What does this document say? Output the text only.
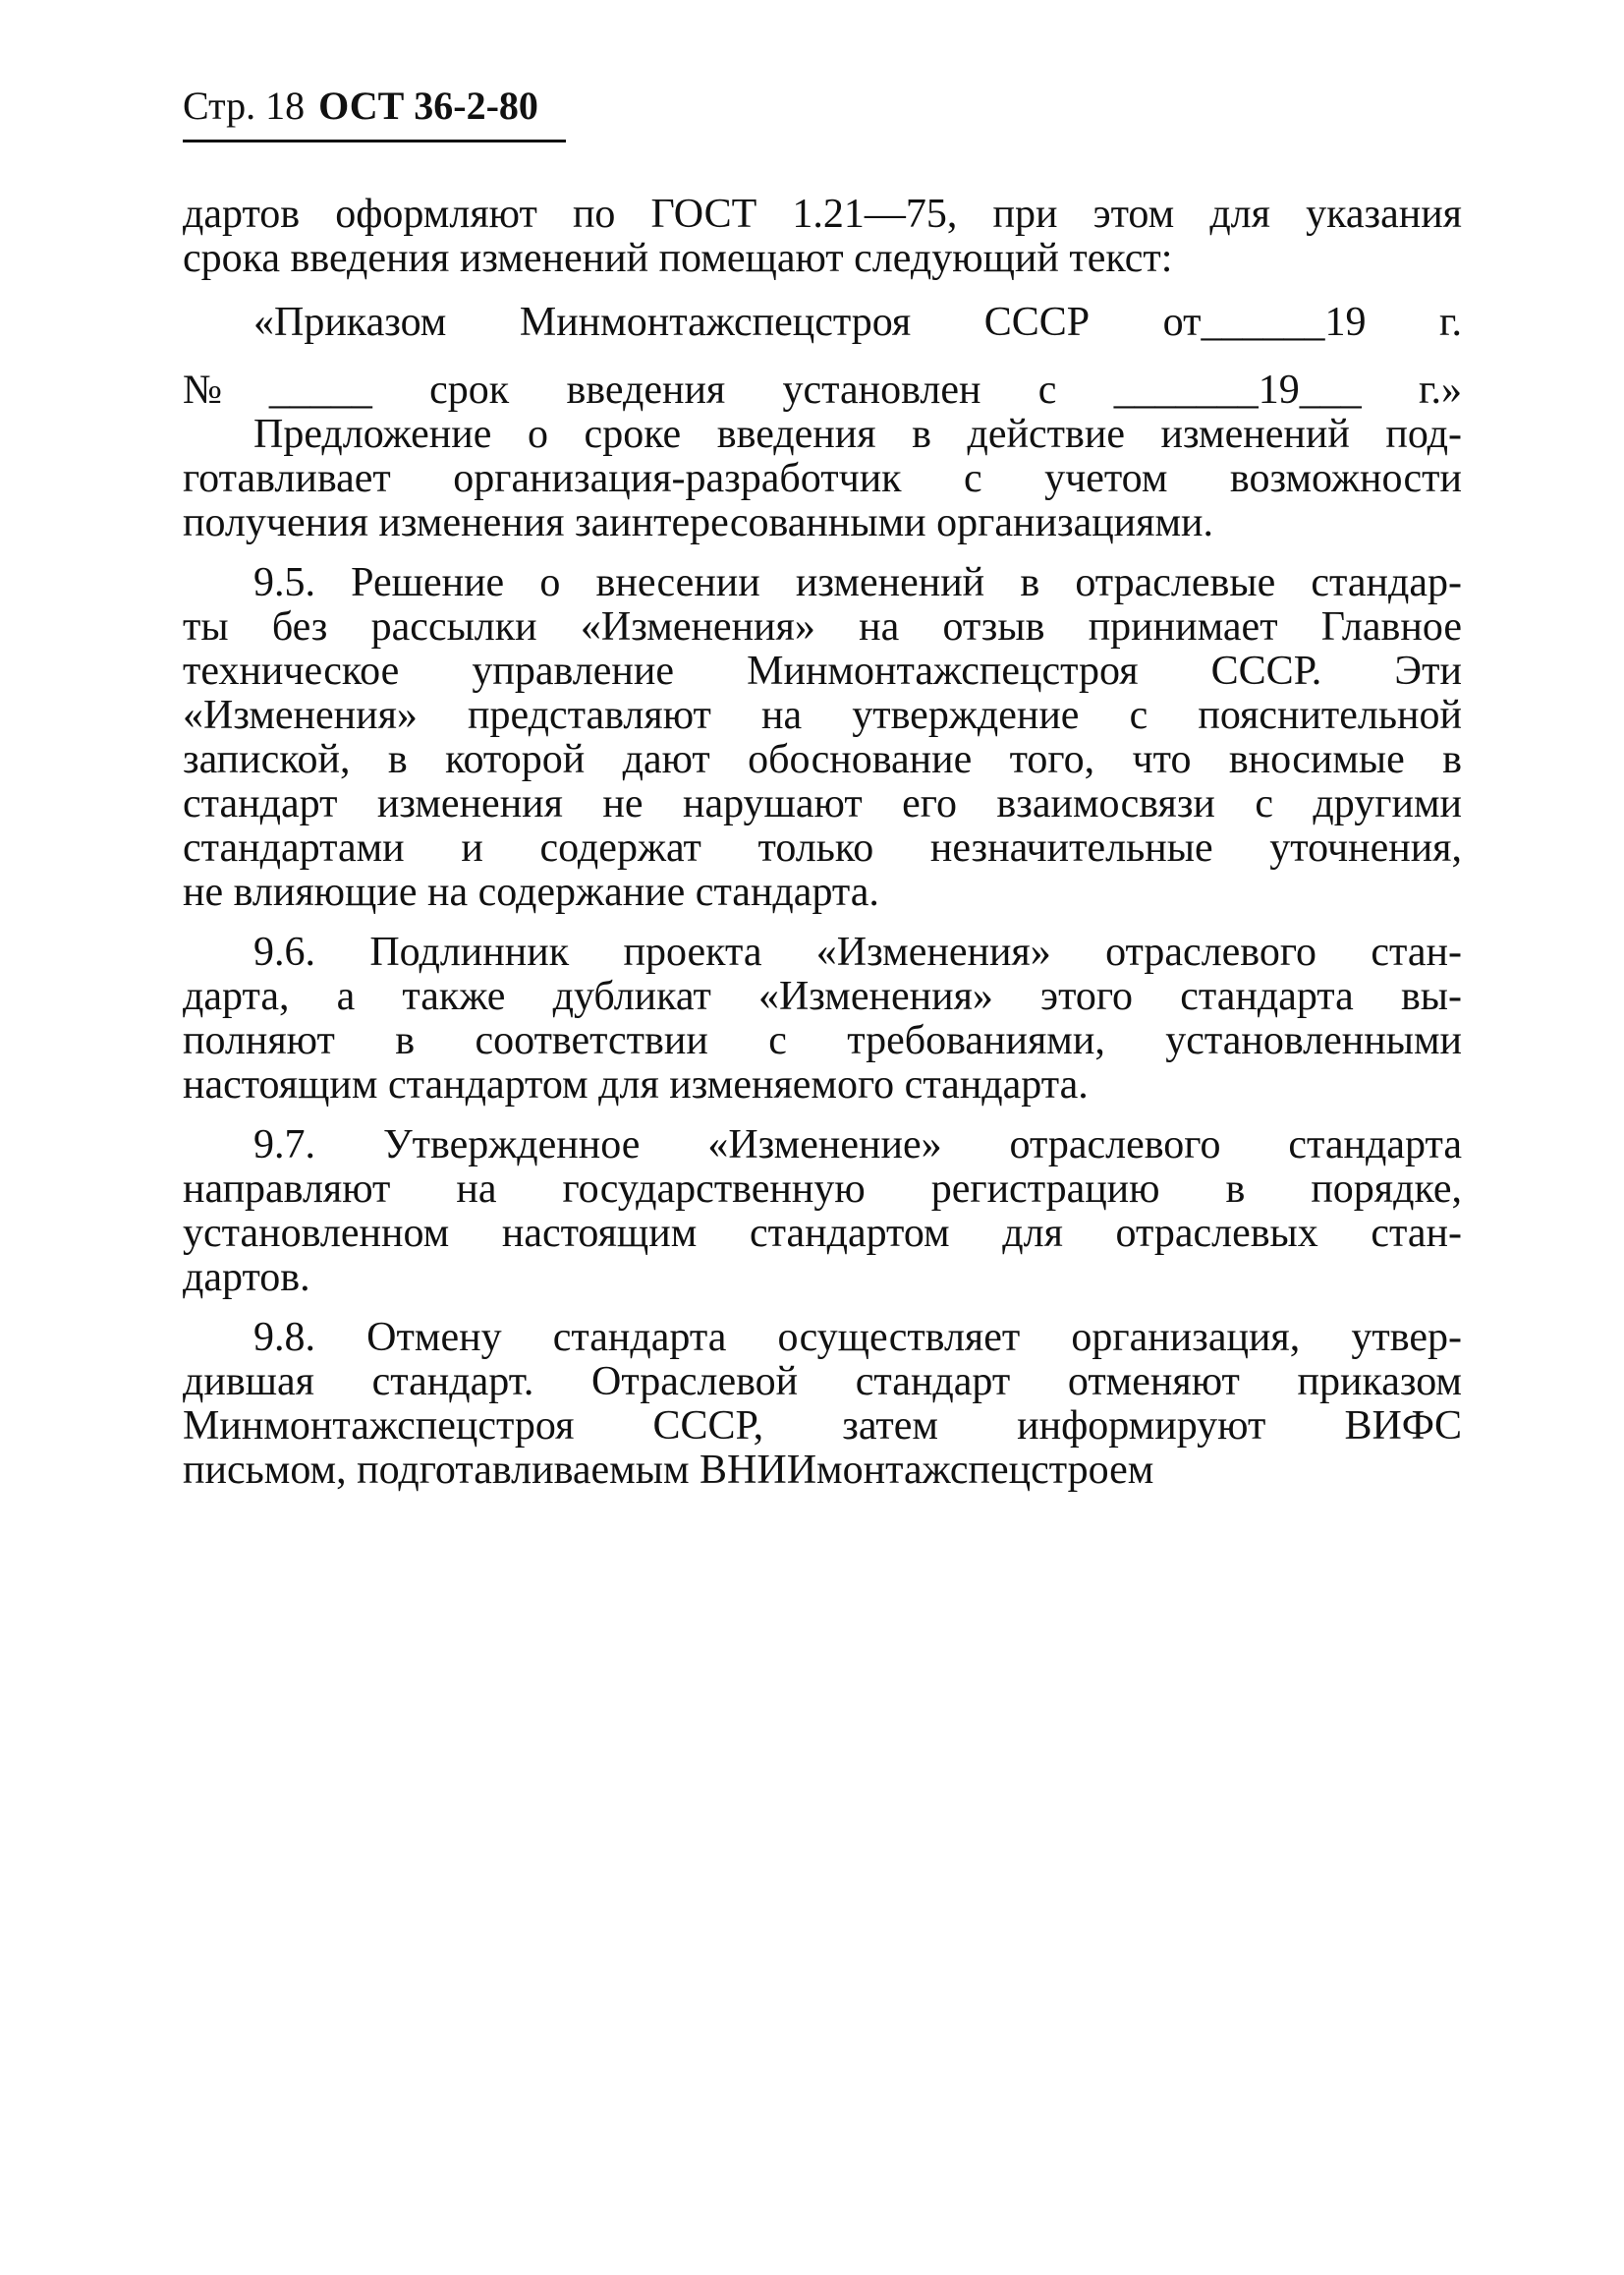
Стр. 18 ОСТ 36-2-80
дартов оформляют по ГОСТ 1.21—75, при этом для указания
срока введения изменений помещают следующий текст:
«Приказом Минмонтажспецстроя СССР от______19 г.
№_____ срок введения установлен с _______19___ г.»
Предложение о сроке введения в действие изменений под-
готавливает организация-разработчик с учетом возможности
получения изменения заинтересованными организациями.
9.5. Решение о внесении изменений в отраслевые стандар-
ты без рассылки «Изменения» на отзыв принимает Главное
техническое управление Минмонтажспецстроя СССР. Эти
«Изменения» представляют на утверждение с пояснительной
запиской, в которой дают обоснование того, что вносимые в
стандарт изменения не нарушают его взаимосвязи с другими
стандартами и содержат только незначительные уточнения,
не влияющие на содержание стандарта.
9.6. Подлинник проекта «Изменения» отраслевого стан-
дарта, а также дубликат «Изменения» этого стандарта вы-
полняют в соответствии с требованиями, установленными
настоящим стандартом для изменяемого стандарта.
9.7. Утвержденное «Изменение» отраслевого стандарта
направляют на государственную регистрацию в порядке,
установленном настоящим стандартом для отраслевых стан-
дартов.
9.8. Отмену стандарта осуществляет организация, утвер-
дившая стандарт. Отраслевой стандарт отменяют приказом
Минмонтажспецстроя СССР, затем информируют ВИФС
письмом, подготавливаемым ВНИИмонтажспецстроем
